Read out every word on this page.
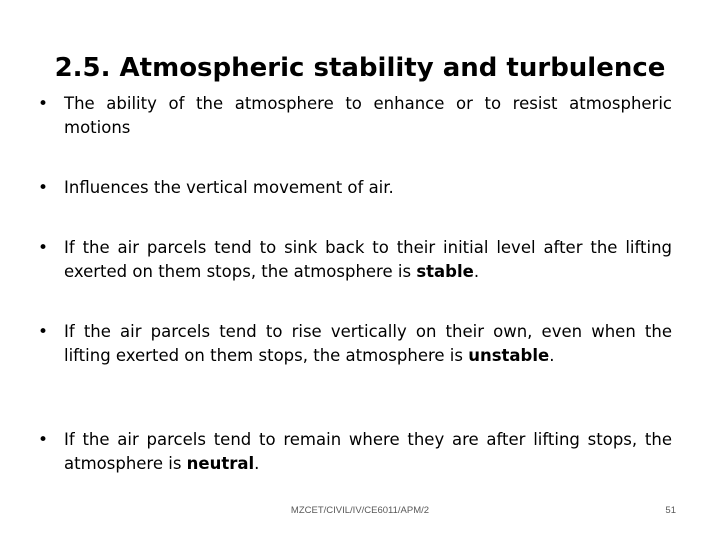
2.5. Atmospheric stability and turbulence
• The ability of the atmosphere to enhance or to resist atmospheric motions
• Influences the vertical movement of air.
• If the air parcels tend to sink back to their initial level after the lifting exerted on them stops, the atmosphere is stable.
• If the air parcels tend to rise vertically on their own, even when the lifting exerted on them stops, the atmosphere is unstable.
• If the air parcels tend to remain where they are after lifting stops, the atmosphere is neutral.
MZCET/CIVIL/IV/CE6011/APM/2	51
